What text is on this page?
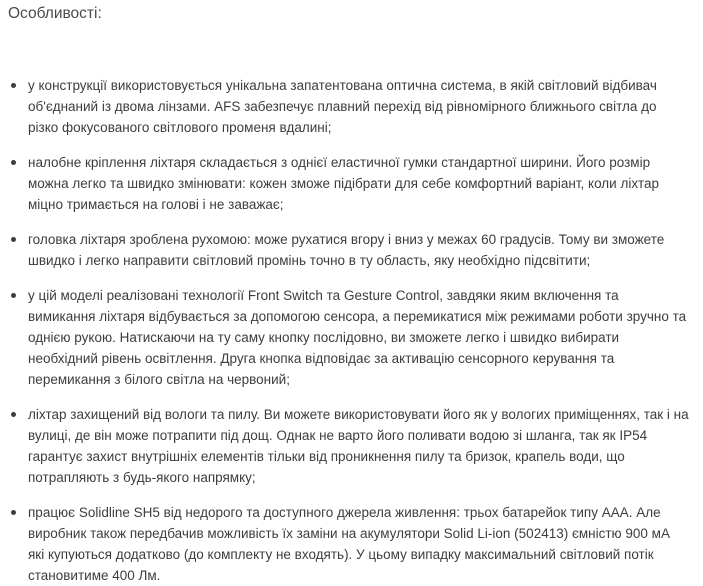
Особливості:
у конструкції використовується унікальна запатентована оптична система, в якій світловий відбивач об'єднаний із двома лінзами. AFS забезпечує плавний перехід від рівномірного ближнього світла до різко фокусованого світлового променя вдалині;
налобне кріплення ліхтаря складається з однієї еластичної гумки стандартної ширини. Його розмір можна легко та швидко змінювати: кожен зможе підібрати для себе комфортний варіант, коли ліхтар міцно тримається на голові і не заважає;
головка ліхтаря зроблена рухомою: може рухатися вгору і вниз у межах 60 градусів. Тому ви зможете швидко і легко направити світловий промінь точно в ту область, яку необхідно підсвітити;
у цій моделі реалізовані технології Front Switch та Gesture Control, завдяки яким включення та вимикання ліхтаря відбувається за допомогою сенсора, а перемикатися між режимами роботи зручно та однією рукою. Натискаючи на ту саму кнопку послідовно, ви зможете легко і швидко вибирати необхідний рівень освітлення. Друга кнопка відповідає за активацію сенсорного керування та перемикання з білого світла на червоний;
ліхтар захищений від вологи та пилу. Ви можете використовувати його як у вологих приміщеннях, так і на вулиці, де він може потрапити під дощ. Однак не варто його поливати водою зі шланга, так як IP54 гарантує захист внутрішніх елементів тільки від проникнення пилу та бризок, крапель води, що потрапляють з будь-якого напрямку;
працює Solidline SH5 від недорого та доступного джерела живлення: трьох батарейок типу AAA. Але виробник також передбачив можливість їх заміни на акумулятори Solid Li-ion (502413) ємністю 900 мА які купуються додатково (до комплекту не входять). У цьому випадку максимальний світловий потік становитиме 400 Лм.
